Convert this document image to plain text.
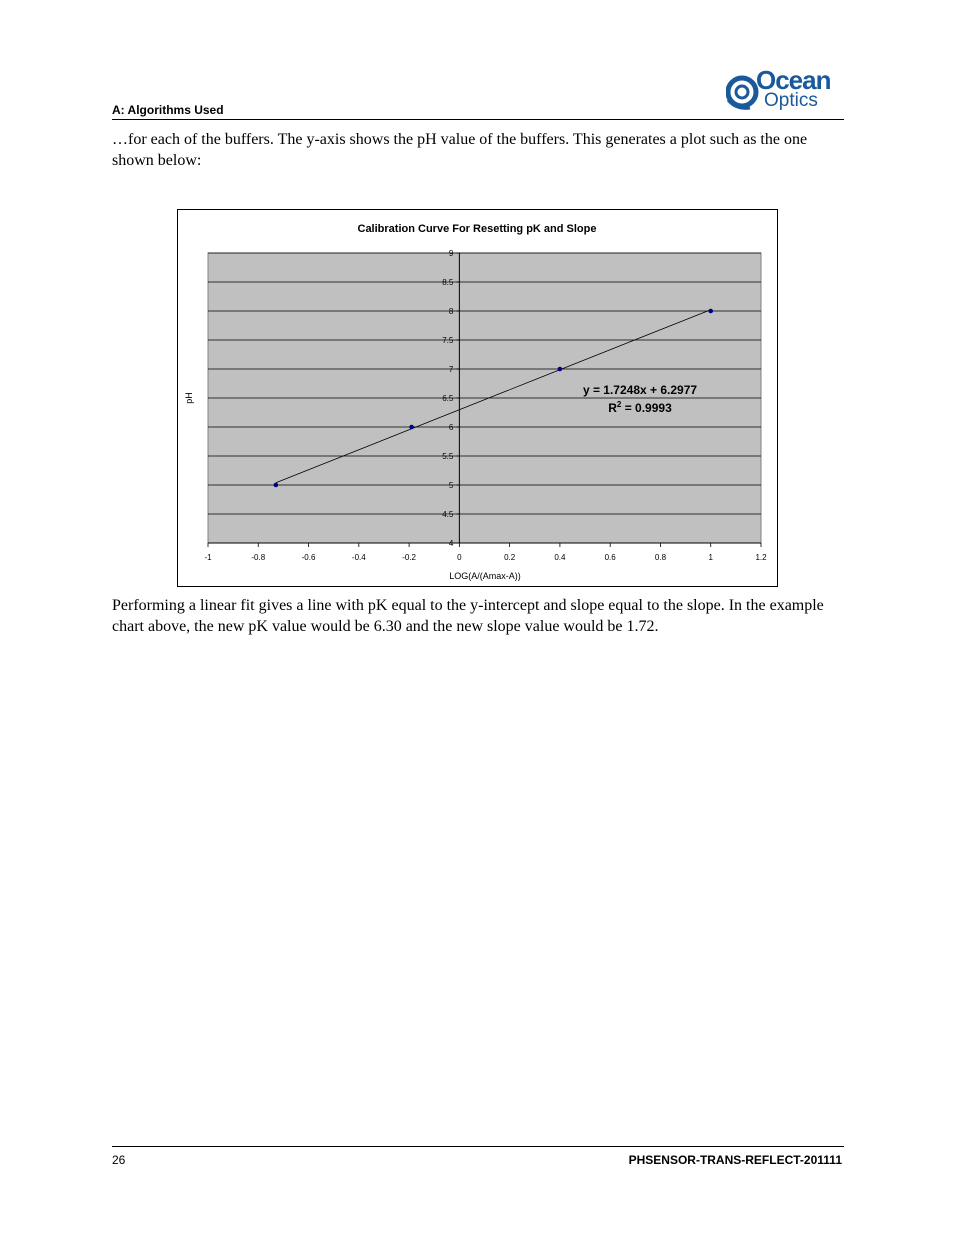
A: Algorithms Used
Ocean
Optics

…for each of the buffers. The y-axis shows the pH value of the buffers. This generates a plot such as the one shown below:

Calibration Curve For Resetting pK and Slope
4
4.5
5
5.5
6
6.5
7
7.5
8
8.5
9
-1	-0.8	-0.6	-0.4	-0.2	0	0.2	0.4	0.6	0.8	1	1.2
y = 1.7248x + 6.2977
$R^2 = 0.9993$
pH
LOG(A/(Amax-A))

Performing a linear fit gives a line with pK equal to the y-intercept and slope equal to the slope. In the example chart above, the new pK value would be 6.30 and the new slope value would be 1.72.

26	PHSENSOR-TRANS-REFLECT-201111
